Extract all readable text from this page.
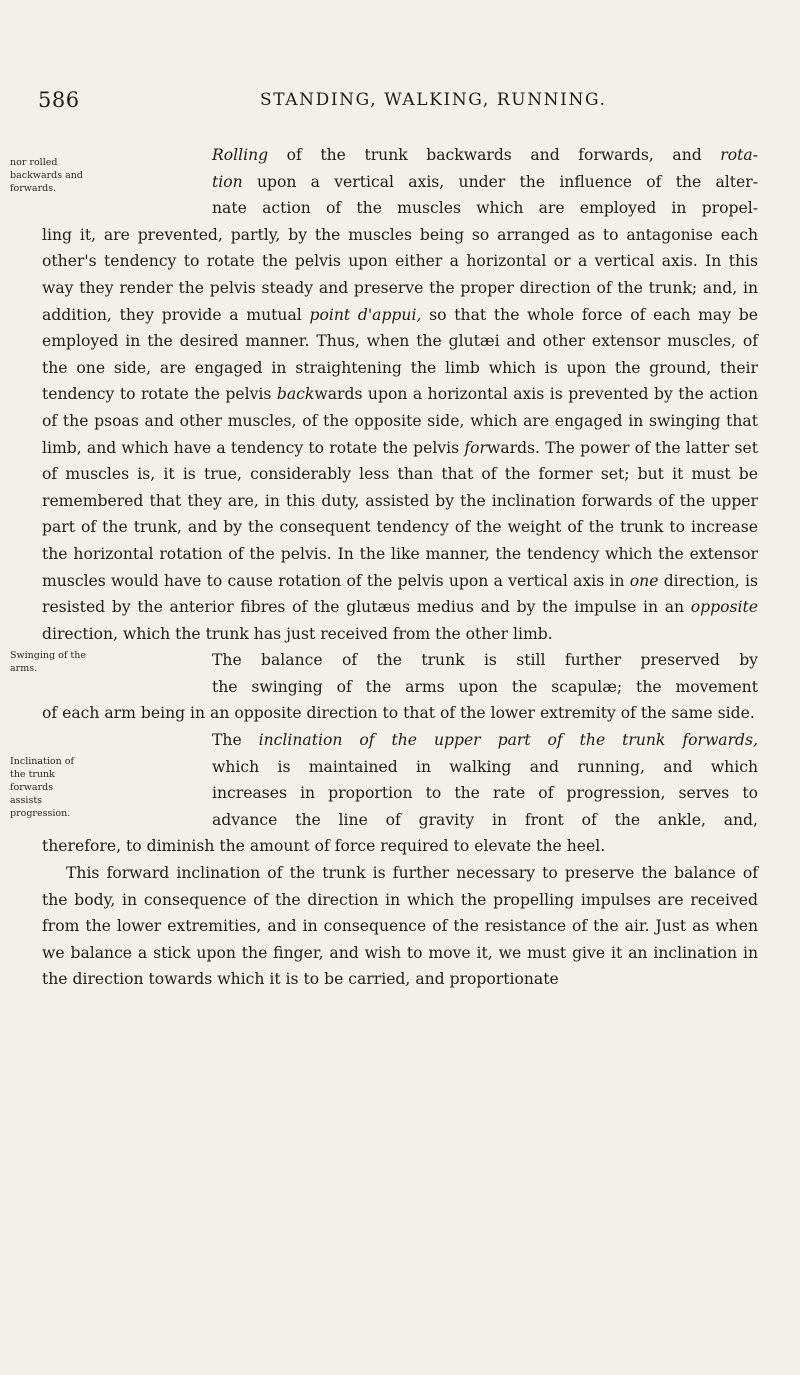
586	STANDING, WALKING, RUNNING.
nor rolled backwards and forwards.
Rolling of the trunk backwards and forwards, and rota-
tion upon a vertical axis, under the influence of the alter-
nate action of the muscles which are employed in propel-

ling it, are prevented, partly, by the muscles being so arranged as to antagonise each other's tendency to rotate the pelvis upon either a horizontal or a vertical axis. In this way they render the pelvis steady and preserve the proper direction of the trunk; and, in addition, they provide a mutual point d'appui, so that the whole force of each may be employed in the desired manner. Thus, when the glutæi and other extensor muscles, of the one side, are engaged in straightening the limb which is upon the ground, their tendency to rotate the pelvis backwards upon a horizontal axis is prevented by the action of the psoas and other muscles, of the opposite side, which are engaged in swinging that limb, and which have a tendency to rotate the pelvis forwards. The power of the latter set of muscles is, it is true, considerably less than that of the former set; but it must be remembered that they are, in this duty, assisted by the inclination forwards of the upper part of the trunk, and by the consequent tendency of the weight of the trunk to increase the horizontal rotation of the pelvis. In the like manner, the tendency which the extensor muscles would have to cause rotation of the pelvis upon a vertical axis in one direction, is resisted by the anterior fibres of the glutæus medius and by the impulse in an opposite direction, which the trunk has just received from the other limb.

Swinging of the arms.	The balance of the trunk is still further preserved by
the swinging of the arms upon the scapulæ; the movement

of each arm being in an opposite direction to that of the lower extremity of the same side.

Inclination of the trunk forwards assists progression.
The inclination of the upper part of the trunk forwards,
which is maintained in walking and running, and which
increases in proportion to the rate of progression, serves to
advance the line of gravity in front of the ankle, and,

therefore, to diminish the amount of force required to elevate the heel.

This forward inclination of the trunk is further necessary to preserve the balance of the body, in consequence of the direction in which the propelling impulses are received from the lower extremities, and in consequence of the resistance of the air. Just as when we balance a stick upon the finger, and wish to move it, we must give it an inclination in the direction towards which it is to be carried, and proportionate
